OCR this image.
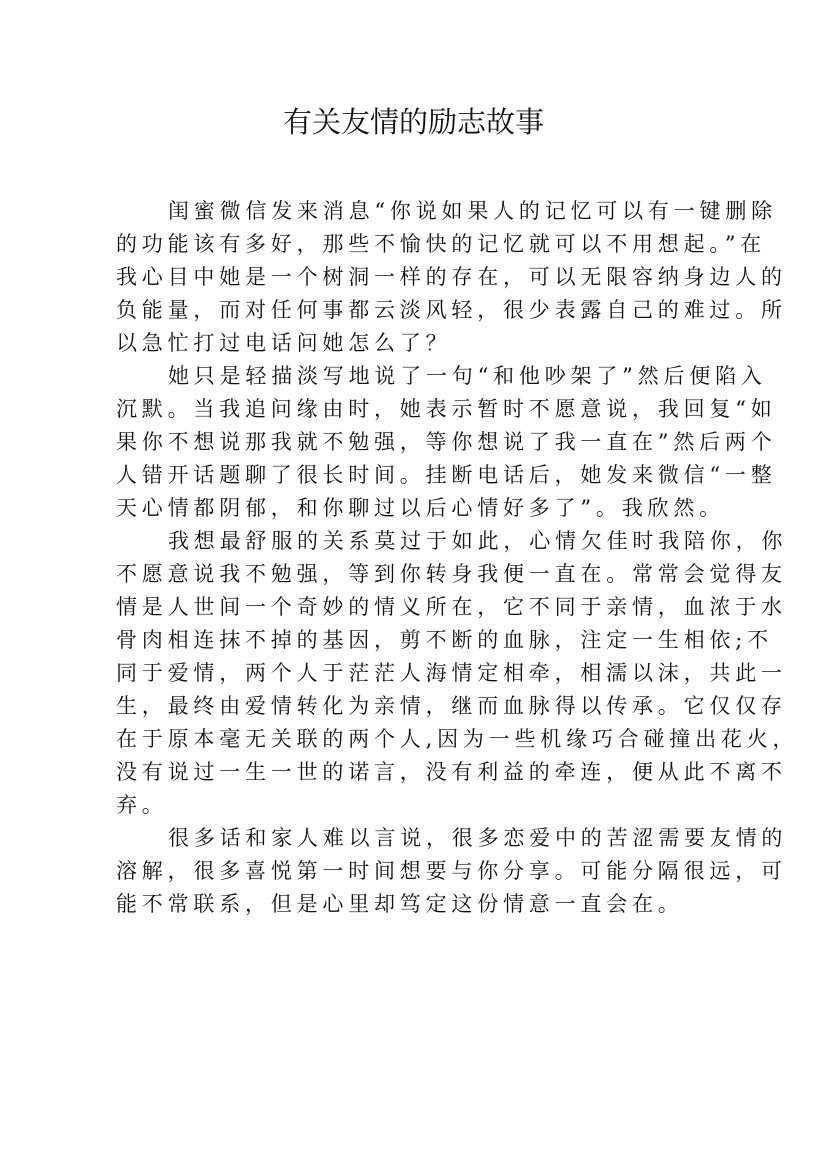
有关友情的励志故事
闺蜜微信发来消息“你说如果人的记忆可以有一键删除
的功能该有多好，那些不愉快的记忆就可以不用想起。”在
我心目中她是一个树洞一样的存在，可以无限容纳身边人的
负能量，而对任何事都云淡风轻，很少表露自己的难过。所
以急忙打过电话问她怎么了？
她只是轻描淡写地说了一句“和他吵架了”然后便陷入
沉默。当我追问缘由时，她表示暂时不愿意说，我回复“如
果你不想说那我就不勉强，等你想说了我一直在”然后两个
人错开话题聊了很长时间。挂断电话后，她发来微信“一整
天心情都阴郁，和你聊过以后心情好多了”。我欣然。
我想最舒服的关系莫过于如此，心情欠佳时我陪你，你
不愿意说我不勉强，等到你转身我便一直在。常常会觉得友
情是人世间一个奇妙的情义所在，它不同于亲情，血浓于水
骨肉相连抹不掉的基因，剪不断的血脉，注定一生相依;不
同于爱情，两个人于茫茫人海情定相牵，相濡以沫，共此一
生，最终由爱情转化为亲情，继而血脉得以传承。它仅仅存
在于原本毫无关联的两个人,因为一些机缘巧合碰撞出花火，
没有说过一生一世的诺言，没有利益的牵连，便从此不离不
弃。
很多话和家人难以言说，很多恋爱中的苦涩需要友情的
溶解，很多喜悦第一时间想要与你分享。可能分隔很远，可
能不常联系，但是心里却笃定这份情意一直会在。
